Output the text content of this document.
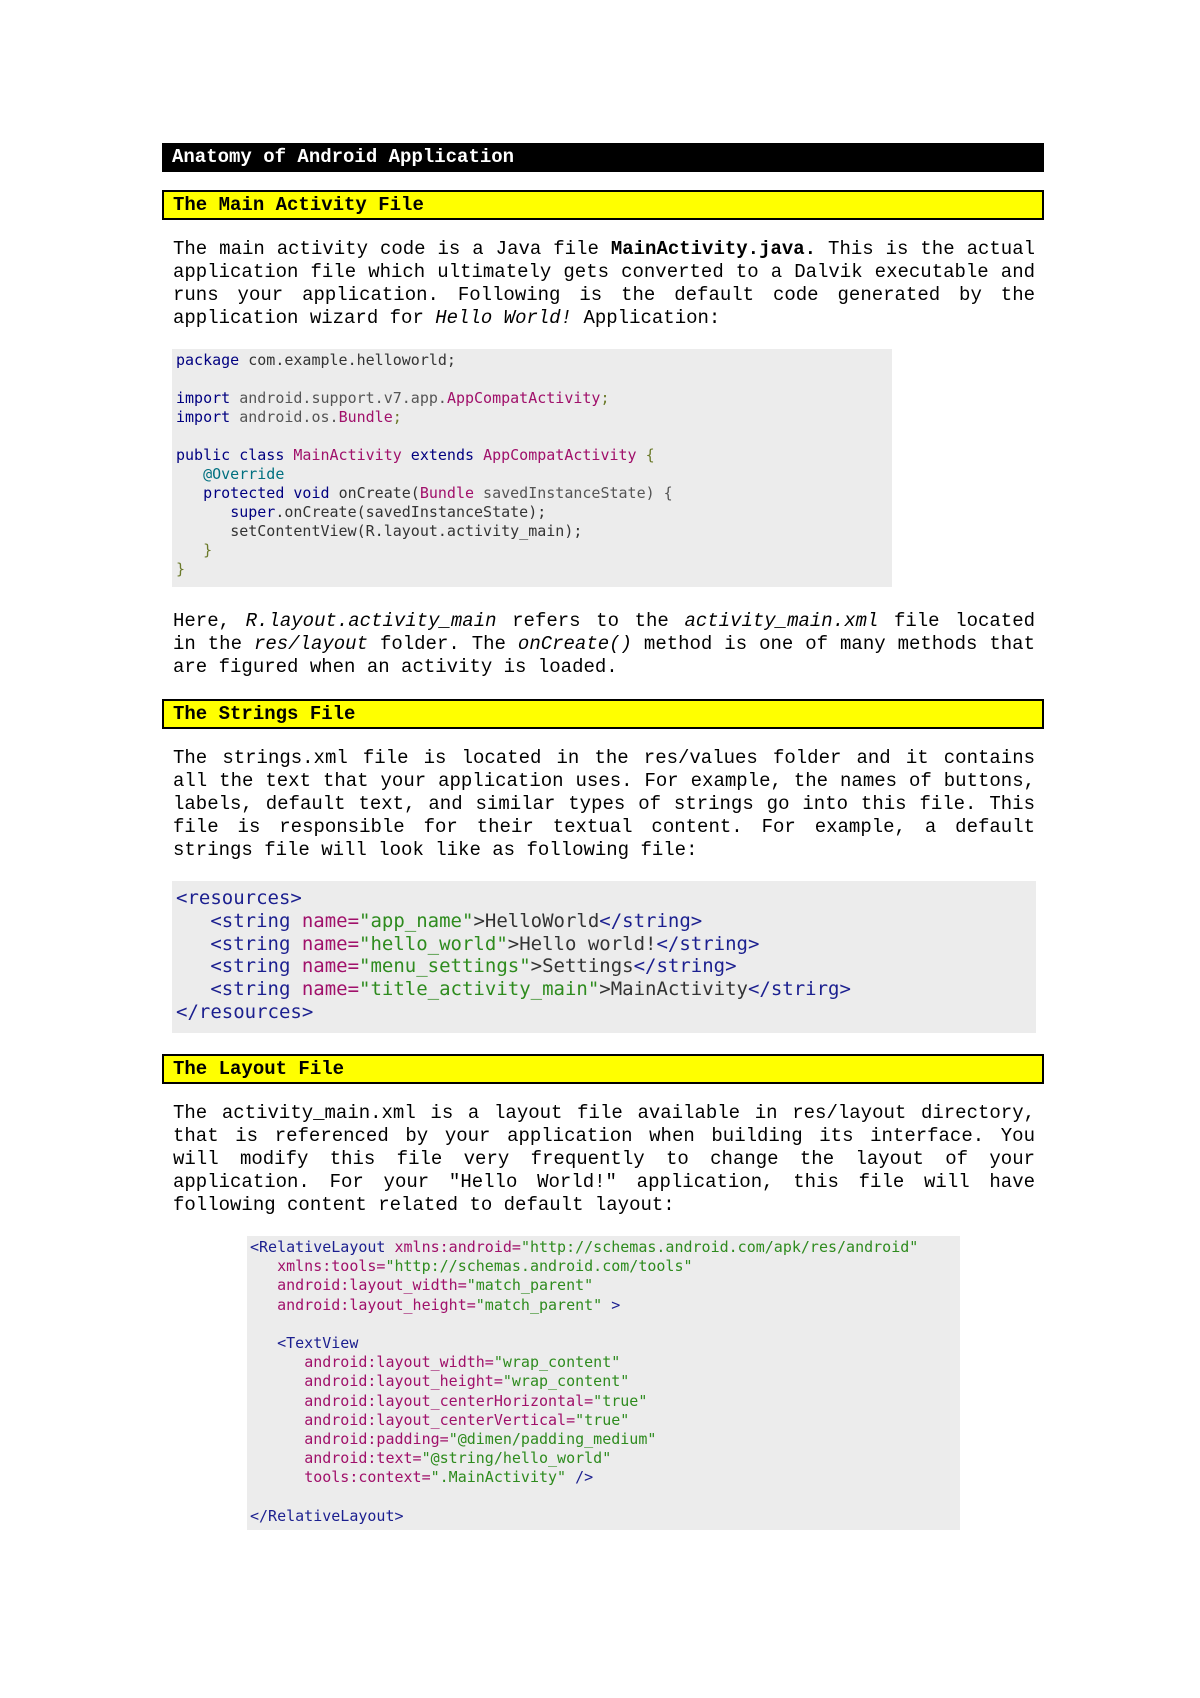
Anatomy of Android Application
The Main Activity File
The main activity code is a Java file MainActivity.java. This is the actual application file which ultimately gets converted to a Dalvik executable and runs your application. Following is the default code generated by the application wizard for Hello World! Application:
package com.example.helloworld;
import android.support.v7.app.AppCompatActivity;
import android.os.Bundle;
public class MainActivity extends AppCompatActivity {
@Override
protected void onCreate(Bundle savedInstanceState) {
super.onCreate(savedInstanceState);
setContentView(R.layout.activity_main);
}
}
Here, R.layout.activity_main refers to the activity_main.xml file located in the res/layout folder. The onCreate() method is one of many methods that are figured when an activity is loaded.
The Strings File
The strings.xml file is located in the res/values folder and it contains all the text that your application uses. For example, the names of buttons, labels, default text, and similar types of strings go into this file. This file is responsible for their textual content. For example, a default strings file will look like as following file:
<resources>
<string name="app_name">HelloWorld</string>
<string name="hello_world">Hello world!</string>
<string name="menu_settings">Settings</string>
<string name="title_activity_main">MainActivity</strirg>
</resources>
The Layout File
The activity_main.xml is a layout file available in res/layout directory, that is referenced by your application when building its interface. You will modify this file very frequently to change the layout of your application. For your "Hello World!" application, this file will have following content related to default layout:
<RelativeLayout xmlns:android="http://schemas.android.com/apk/res/android"
xmlns:tools="http://schemas.android.com/tools"
android:layout_width="match_parent"
android:layout_height="match_parent" >
<TextView
android:layout_width="wrap_content"
android:layout_height="wrap_content"
android:layout_centerHorizontal="true"
android:layout_centerVertical="true"
android:padding="@dimen/padding_medium"
android:text="@string/hello_world"
tools:context=".MainActivity" />
</RelativeLayout>
